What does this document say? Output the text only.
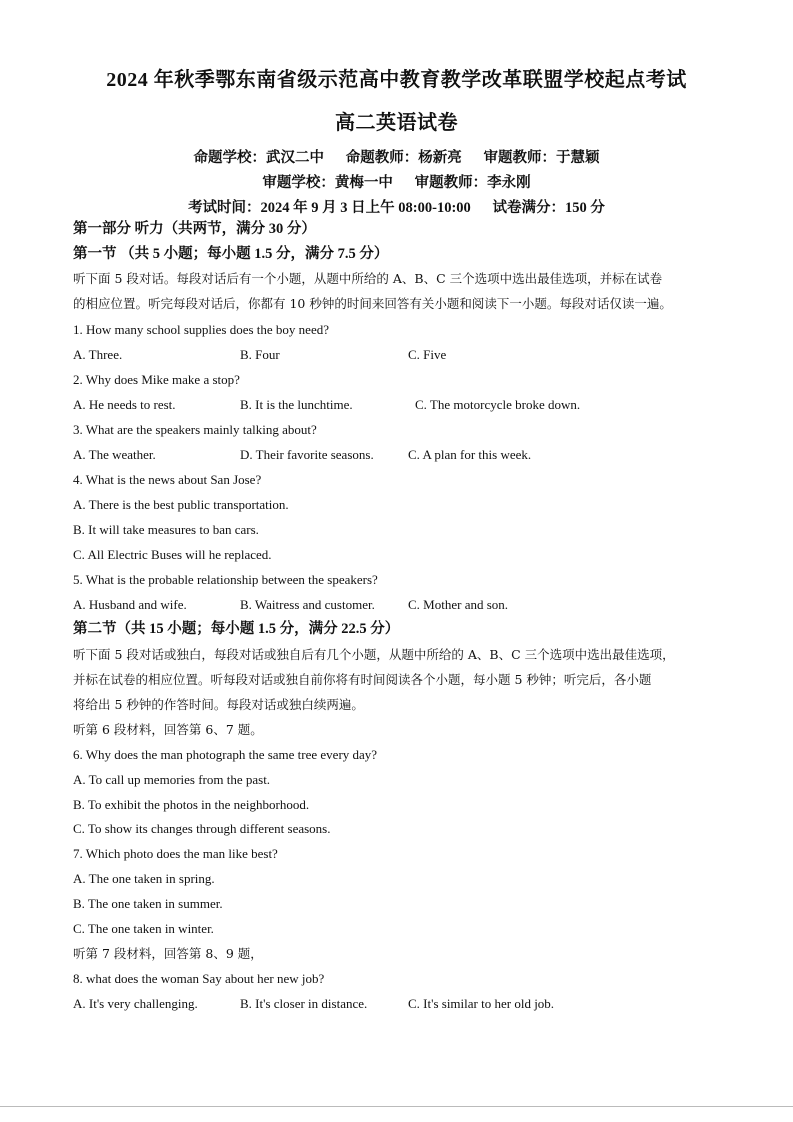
2024 年秋季鄂东南省级示范高中教育教学改革联盟学校起点考试
高二英语试卷
命题学校：武汉二中      命题教师：杨新亮      审题教师：于慧颖
审题学校：黄梅一中      审题教师：李永刚
考试时间：2024 年 9 月 3 日上午 08:00-10:00      试卷满分：150 分
第一部分 听力（共两节，满分 30 分）
第一节 （共 5 小题；每小题 1.5 分，满分 7.5 分）
听下面 5 段对话。每段对话后有一个小题，从题中所给的 A、B、C 三个选项中选出最佳选项，并标在试卷
的相应位置。听完每段对话后，你都有 10 秒钟的时间来回答有关小题和阅读下一小题。每段对话仅读一遍。
1. How many school supplies does the boy need?
A. Three.	B. Four	C. Five
2. Why does Mike make a stop?
A. He needs to rest.	B. It is the lunchtime.	C. The motorcycle broke down.
3. What are the speakers mainly talking about?
A. The weather.	D. Their favorite seasons.	C. A plan for this week.
4. What is the news about San Jose?
A. There is the best public transportation.
B. It will take measures to ban cars.
C. All Electric Buses will he replaced.
5. What is the probable relationship between the speakers?
A. Husband and wife.	B. Waitress and customer.	C. Mother and son.
第二节（共 15 小题；每小题 1.5 分，满分 22.5 分）
听下面 5 段对话或独白，每段对话或独自后有几个小题，从题中所给的 A、B、C 三个选项中选出最佳选项，
并标在试卷的相应位置。听每段对话或独自前你将有时间阅读各个小题，每小题 5 秒钟；听完后，各小题
将给出 5 秒钟的作答时间。每段对话或独白续两遍。
听第 6 段材料，回答第 6、7 题。
6. Why does the man photograph the same tree every day?
A. To call up memories from the past.
B. To exhibit the photos in the neighborhood.
C. To show its changes through different seasons.
7. Which photo does the man like best?
A. The one taken in spring.
B. The one taken in summer.
C. The one taken in winter.
听第 7 段材料，回答第 8、9 题，
8. what does the woman Say about her new job?
A. It's very challenging.	B. It's closer in distance.	C. It's similar to her old job.
